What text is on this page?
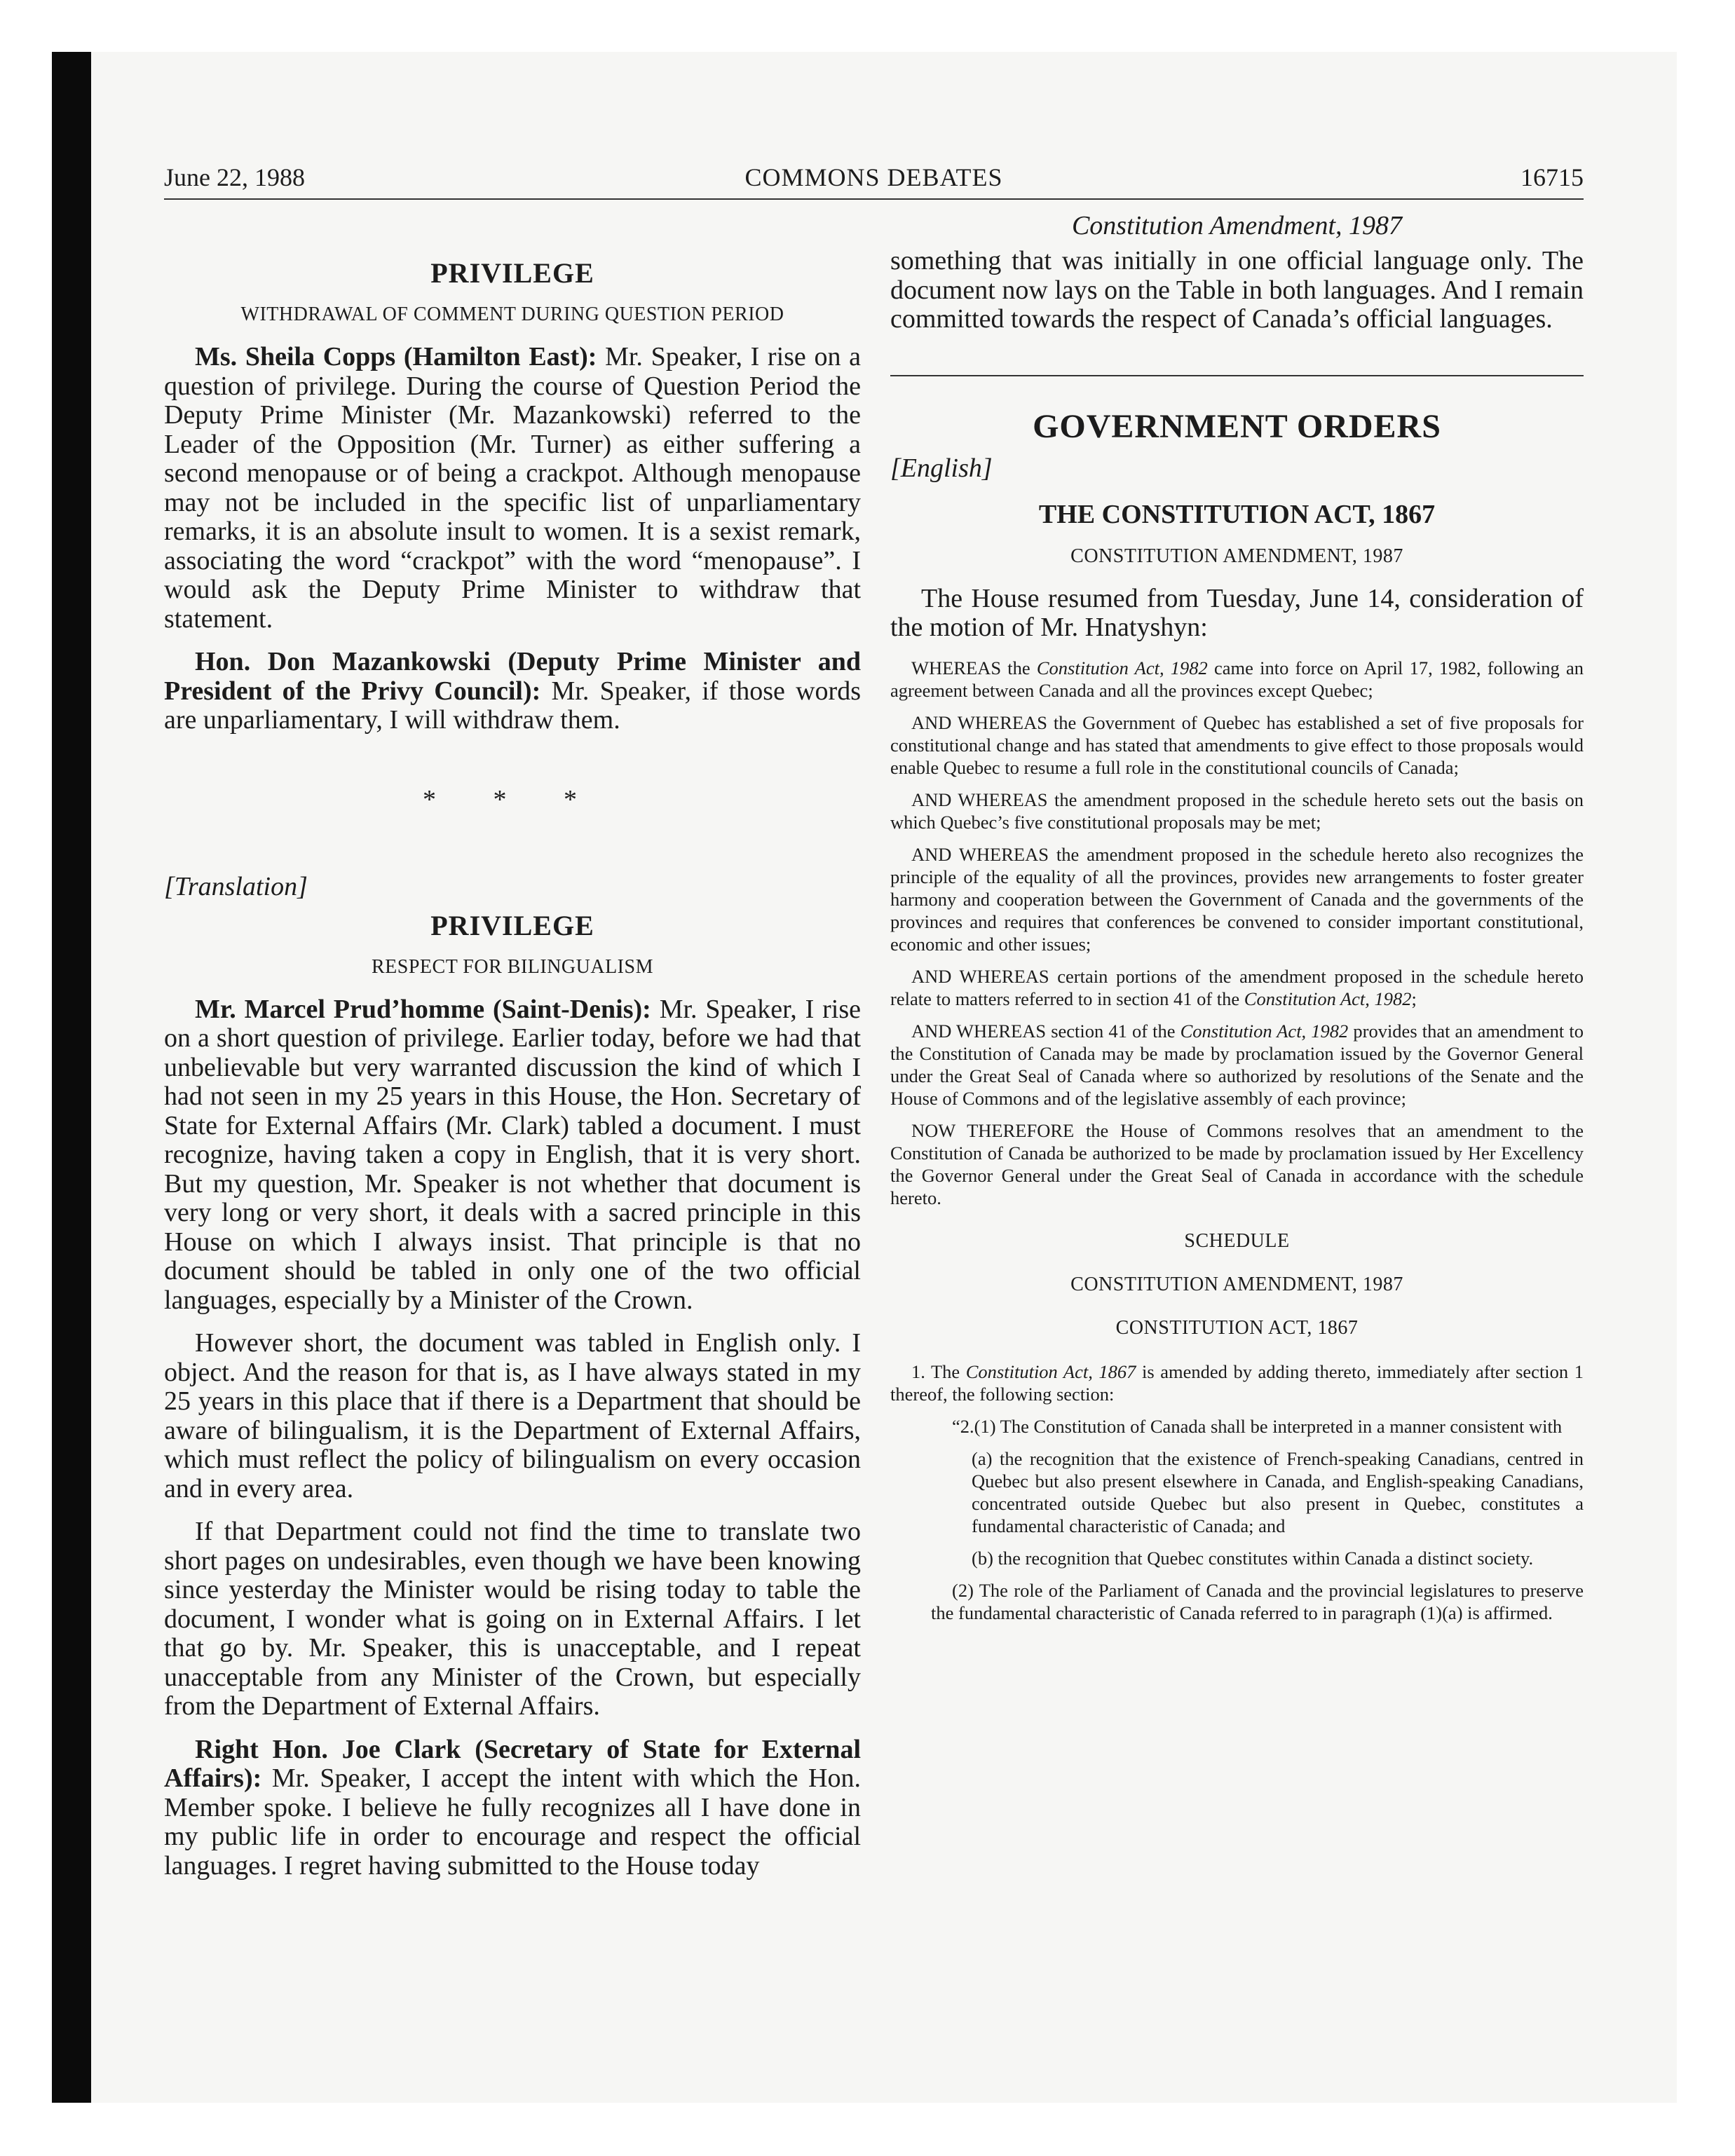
June 22, 1988	COMMONS DEBATES	16715
PRIVILEGE
WITHDRAWAL OF COMMENT DURING QUESTION PERIOD

Ms. Sheila Copps (Hamilton East): Mr. Speaker, I rise on a question of privilege. During the course of Question Period the Deputy Prime Minister (Mr. Mazankowski) referred to the Leader of the Opposition (Mr. Turner) as either suffering a second menopause or of being a crackpot. Although menopause may not be included in the specific list of unparliamentary remarks, it is an absolute insult to women. It is a sexist remark, associating the word “crackpot” with the word “menopause”. I would ask the Deputy Prime Minister to withdraw that statement.

Hon. Don Mazankowski (Deputy Prime Minister and President of the Privy Council): Mr. Speaker, if those words are unparliamentary, I will withdraw them.

* * *
[Translation]
PRIVILEGE
RESPECT FOR BILINGUALISM

Mr. Marcel Prud’homme (Saint-Denis): Mr. Speaker, I rise on a short question of privilege. Earlier today, before we had that unbelievable but very warranted discussion the kind of which I had not seen in my 25 years in this House, the Hon. Secretary of State for External Affairs (Mr. Clark) tabled a document. I must recognize, having taken a copy in English, that it is very short. But my question, Mr. Speaker is not whether that document is very long or very short, it deals with a sacred principle in this House on which I always insist. That principle is that no document should be tabled in only one of the two official languages, especially by a Minister of the Crown.

However short, the document was tabled in English only. I object. And the reason for that is, as I have always stated in my 25 years in this place that if there is a Department that should be aware of bilingualism, it is the Department of External Affairs, which must reflect the policy of bilingualism on every occasion and in every area.

If that Department could not find the time to translate two short pages on undesirables, even though we have been knowing since yesterday the Minister would be rising today to table the document, I wonder what is going on in External Affairs. I let that go by. Mr. Speaker, this is unacceptable, and I repeat unacceptable from any Minister of the Crown, but especially from the Department of External Affairs.

Right Hon. Joe Clark (Secretary of State for External Affairs): Mr. Speaker, I accept the intent with which the Hon. Member spoke. I believe he fully recognizes all I have done in my public life in order to encourage and respect the official languages. I regret having submitted to the House today

Constitution Amendment, 1987

something that was initially in one official language only. The document now lays on the Table in both languages. And I remain committed towards the respect of Canada’s official languages.

GOVERNMENT ORDERS
[English]
THE CONSTITUTION ACT, 1867
CONSTITUTION AMENDMENT, 1987

The House resumed from Tuesday, June 14, consideration of the motion of Mr. Hnatyshyn:

WHEREAS the Constitution Act, 1982 came into force on April 17, 1982, following an agreement between Canada and all the provinces except Quebec;

AND WHEREAS the Government of Quebec has established a set of five proposals for constitutional change and has stated that amendments to give effect to those proposals would enable Quebec to resume a full role in the constitutional councils of Canada;

AND WHEREAS the amendment proposed in the schedule hereto sets out the basis on which Quebec’s five constitutional proposals may be met;

AND WHEREAS the amendment proposed in the schedule hereto also recognizes the principle of the equality of all the provinces, provides new arrangements to foster greater harmony and cooperation between the Government of Canada and the governments of the provinces and requires that conferences be convened to consider important constitutional, economic and other issues;

AND WHEREAS certain portions of the amendment proposed in the schedule hereto relate to matters referred to in section 41 of the Constitution Act, 1982;

AND WHEREAS section 41 of the Constitution Act, 1982 provides that an amendment to the Constitution of Canada may be made by proclamation issued by the Governor General under the Great Seal of Canada where so authorized by resolutions of the Senate and the House of Commons and of the legislative assembly of each province;

NOW THEREFORE the House of Commons resolves that an amendment to the Constitution of Canada be authorized to be made by proclamation issued by Her Excellency the Governor General under the Great Seal of Canada in accordance with the schedule hereto.

SCHEDULE
CONSTITUTION AMENDMENT, 1987
CONSTITUTION ACT, 1867

1. The Constitution Act, 1867 is amended by adding thereto, immediately after section 1 thereof, the following section:

“2.(1) The Constitution of Canada shall be interpreted in a manner consistent with

(a) the recognition that the existence of French-speaking Canadians, centred in Quebec but also present elsewhere in Canada, and English-speaking Canadians, concentrated outside Quebec but also present in Quebec, constitutes a fundamental characteristic of Canada; and

(b) the recognition that Quebec constitutes within Canada a distinct society.

(2) The role of the Parliament of Canada and the provincial legislatures to preserve the fundamental characteristic of Canada referred to in paragraph (1)(a) is affirmed.
